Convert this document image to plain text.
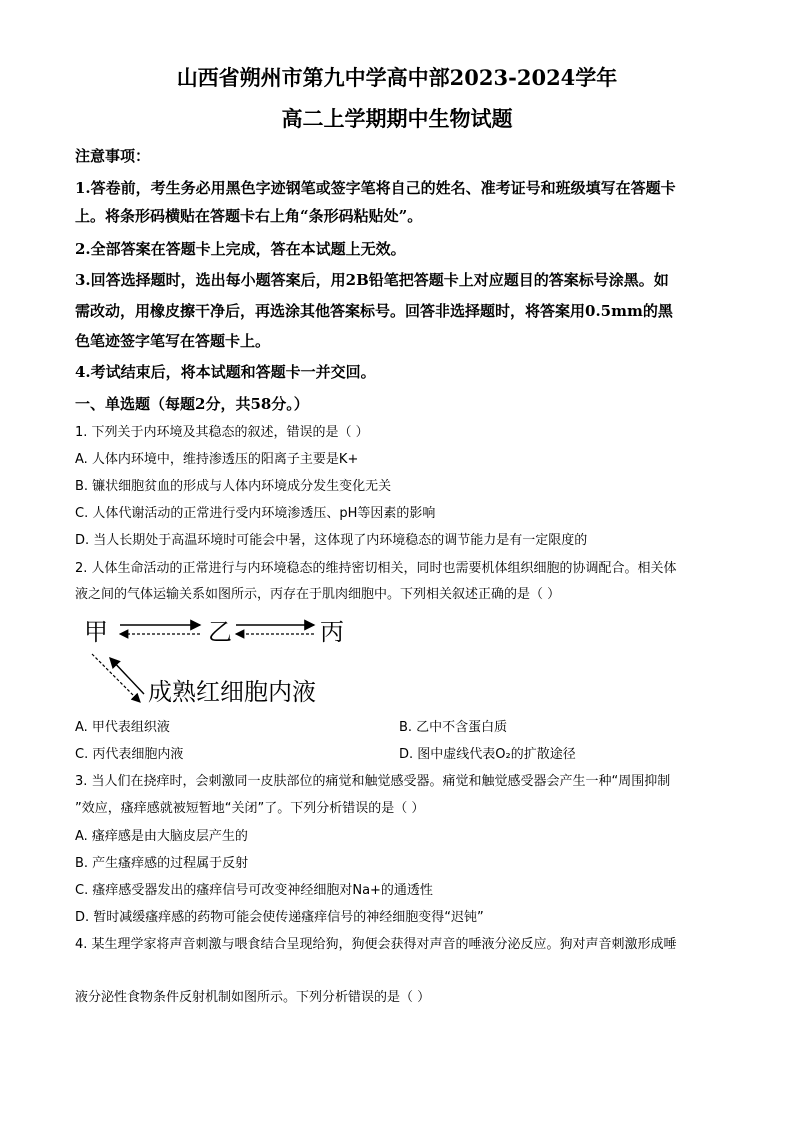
山西省朔州市第九中学高中部2023-2024学年
高二上学期期中生物试题
注意事项：
1.答卷前，考生务必用黑色字迹钢笔或签字笔将自己的姓名、准考证号和班级填写在答题卡
上。将条形码横贴在答题卡右上角“条形码粘贴处”。
2.全部答案在答题卡上完成，答在本试题上无效。
3.回答选择题时，选出每小题答案后，用2B铅笔把答题卡上对应题目的答案标号涂黑。如
需改动，用橡皮擦干净后，再选涂其他答案标号。回答非选择题时，将答案用0.5mm的黑
色笔迹签字笔写在答题卡上。
4.考试结束后，将本试题和答题卡一并交回。
一、单选题（每题2分，共58分。）
1. 下列关于内环境及其稳态的叙述，错误的是（ ）
A. 人体内环境中，维持渗透压的阳离子主要是K+
B. 镰状细胞贫血的形成与人体内环境成分发生变化无关
C. 人体代谢活动的正常进行受内环境渗透压、pH等因素的影响
D. 当人长期处于高温环境时可能会中暑，这体现了内环境稳态的调节能力是有一定限度的
2. 人体生命活动的正常进行与内环境稳态的维持密切相关，同时也需要机体组织细胞的协调配合。相关体
液之间的气体运输关系如图所示，丙存在于肌肉细胞中。下列相关叙述正确的是（ ）
甲	乙	丙
成熟红细胞内液
A. 甲代表组织液	B. 乙中不含蛋白质
C. 丙代表细胞内液	D. 图中虚线代表O₂的扩散途径
3. 当人们在挠痒时，会刺激同一皮肤部位的痛觉和触觉感受器。痛觉和触觉感受器会产生一种“周围抑制
”效应，瘙痒感就被短暂地“关闭”了。下列分析错误的是（ ）
A. 瘙痒感是由大脑皮层产生的
B. 产生瘙痒感的过程属于反射
C. 瘙痒感受器发出的瘙痒信号可改变神经细胞对Na+的通透性
D. 暂时减缓瘙痒感的药物可能会使传递瘙痒信号的神经细胞变得“迟钝”
4. 某生理学家将声音刺激与喂食结合呈现给狗，狗便会获得对声音的唾液分泌反应。狗对声音刺激形成唾
液分泌性食物条件反射机制如图所示。下列分析错误的是（ ）
